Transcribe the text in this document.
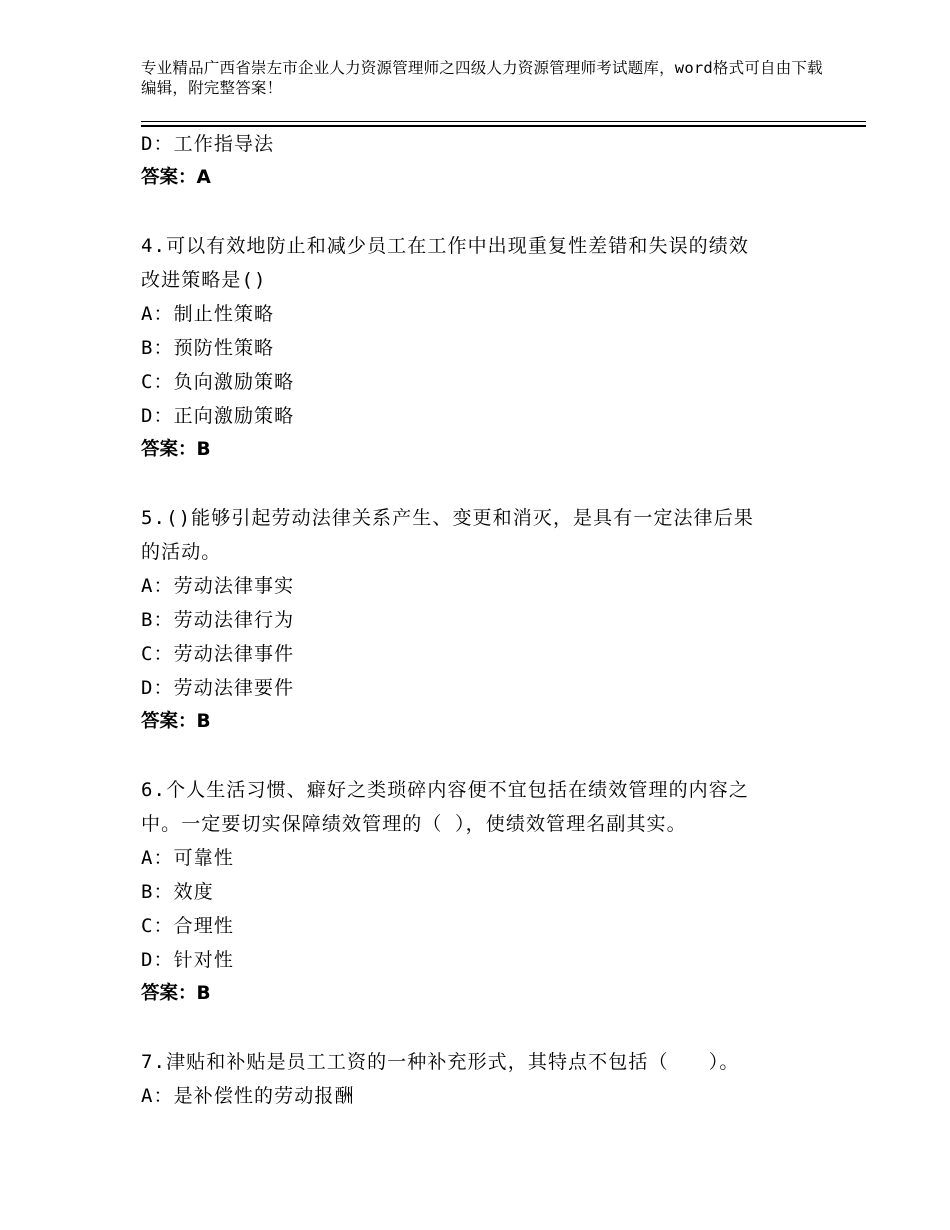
专业精品广西省崇左市企业人力资源管理师之四级人力资源管理师考试题库，word格式可自由下载编辑，附完整答案！
D：工作指导法
答案：A
4.可以有效地防止和减少员工在工作中出现重复性差错和失误的绩效
改进策略是()
A：制止性策略
B：预防性策略
C：负向激励策略
D：正向激励策略
答案：B
5.()能够引起劳动法律关系产生、变更和消灭，是具有一定法律后果
的活动。
A：劳动法律事实
B：劳动法律行为
C：劳动法律事件
D：劳动法律要件
答案：B
6.个人生活习惯、癖好之类琐碎内容便不宜包括在绩效管理的内容之
中。一定要切实保障绩效管理的（ ），使绩效管理名副其实。
A：可靠性
B：效度
C：合理性
D：针对性
答案：B
7.津贴和补贴是员工工资的一种补充形式，其特点不包括（　　）。
A：是补偿性的劳动报酬
